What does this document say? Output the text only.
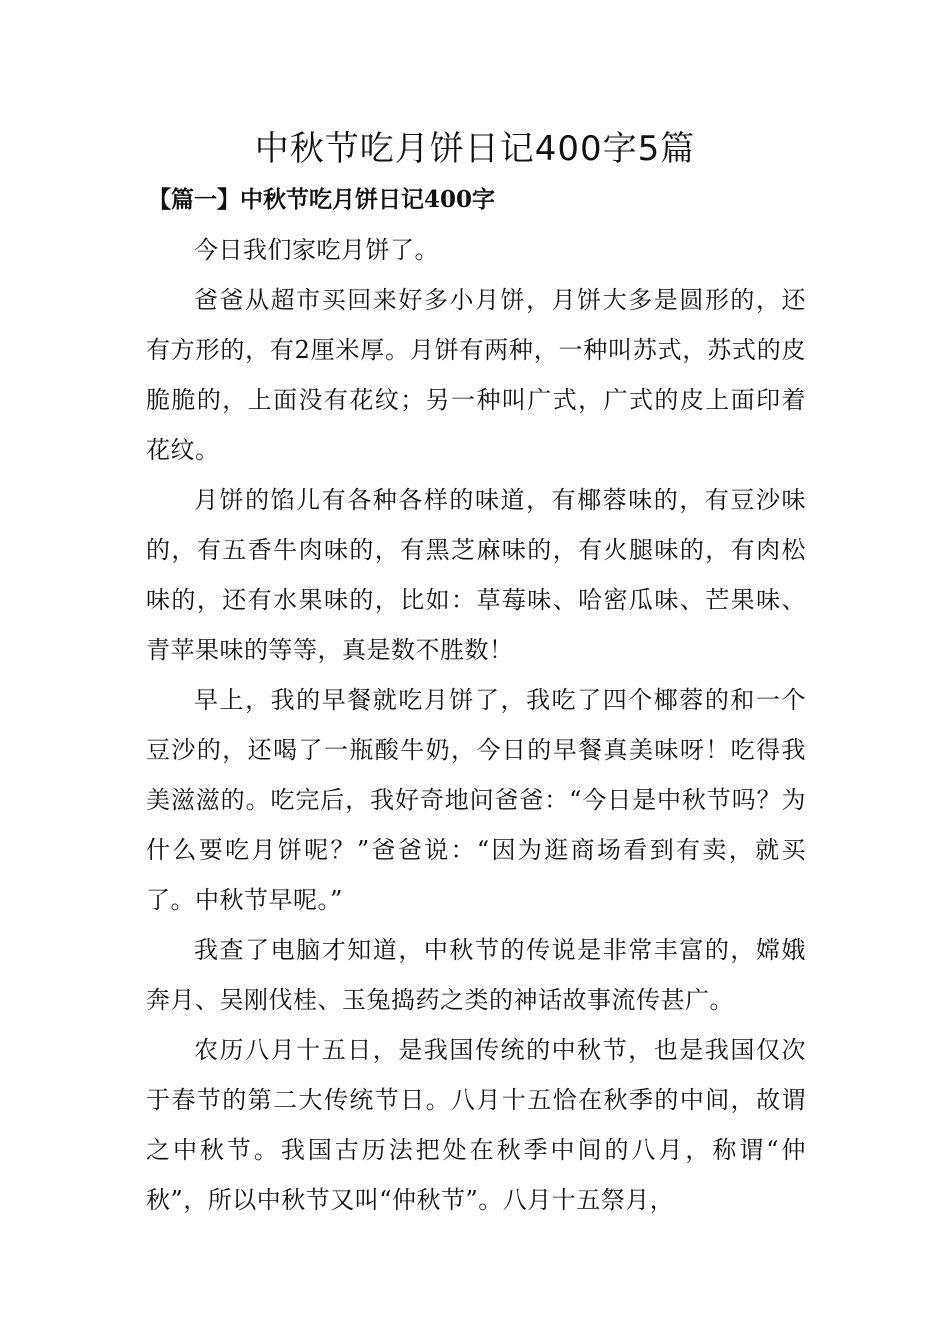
中秋节吃月饼日记400字5篇
【篇一】中秋节吃月饼日记400字

今日我们家吃月饼了。

爸爸从超市买回来好多小月饼，月饼大多是圆形的，还有方形的，有2厘米厚。月饼有两种，一种叫苏式，苏式的皮脆脆的，上面没有花纹；另一种叫广式，广式的皮上面印着花纹。

月饼的馅儿有各种各样的味道，有椰蓉味的，有豆沙味的，有五香牛肉味的，有黑芝麻味的，有火腿味的，有肉松味的，还有水果味的，比如：草莓味、哈密瓜味、芒果味、青苹果味的等等，真是数不胜数！

早上，我的早餐就吃月饼了，我吃了四个椰蓉的和一个豆沙的，还喝了一瓶酸牛奶，今日的早餐真美味呀！吃得我美滋滋的。吃完后，我好奇地问爸爸：“今日是中秋节吗？为什么要吃月饼呢？”爸爸说：“因为逛商场看到有卖，就买了。中秋节早呢。”

我查了电脑才知道，中秋节的传说是非常丰富的，嫦娥奔月、吴刚伐桂、玉兔捣药之类的神话故事流传甚广。

农历八月十五日，是我国传统的中秋节，也是我国仅次于春节的第二大传统节日。八月十五恰在秋季的中间，故谓之中秋节。我国古历法把处在秋季中间的八月，称谓“仲秋”，所以中秋节又叫“仲秋节”。八月十五祭月，
